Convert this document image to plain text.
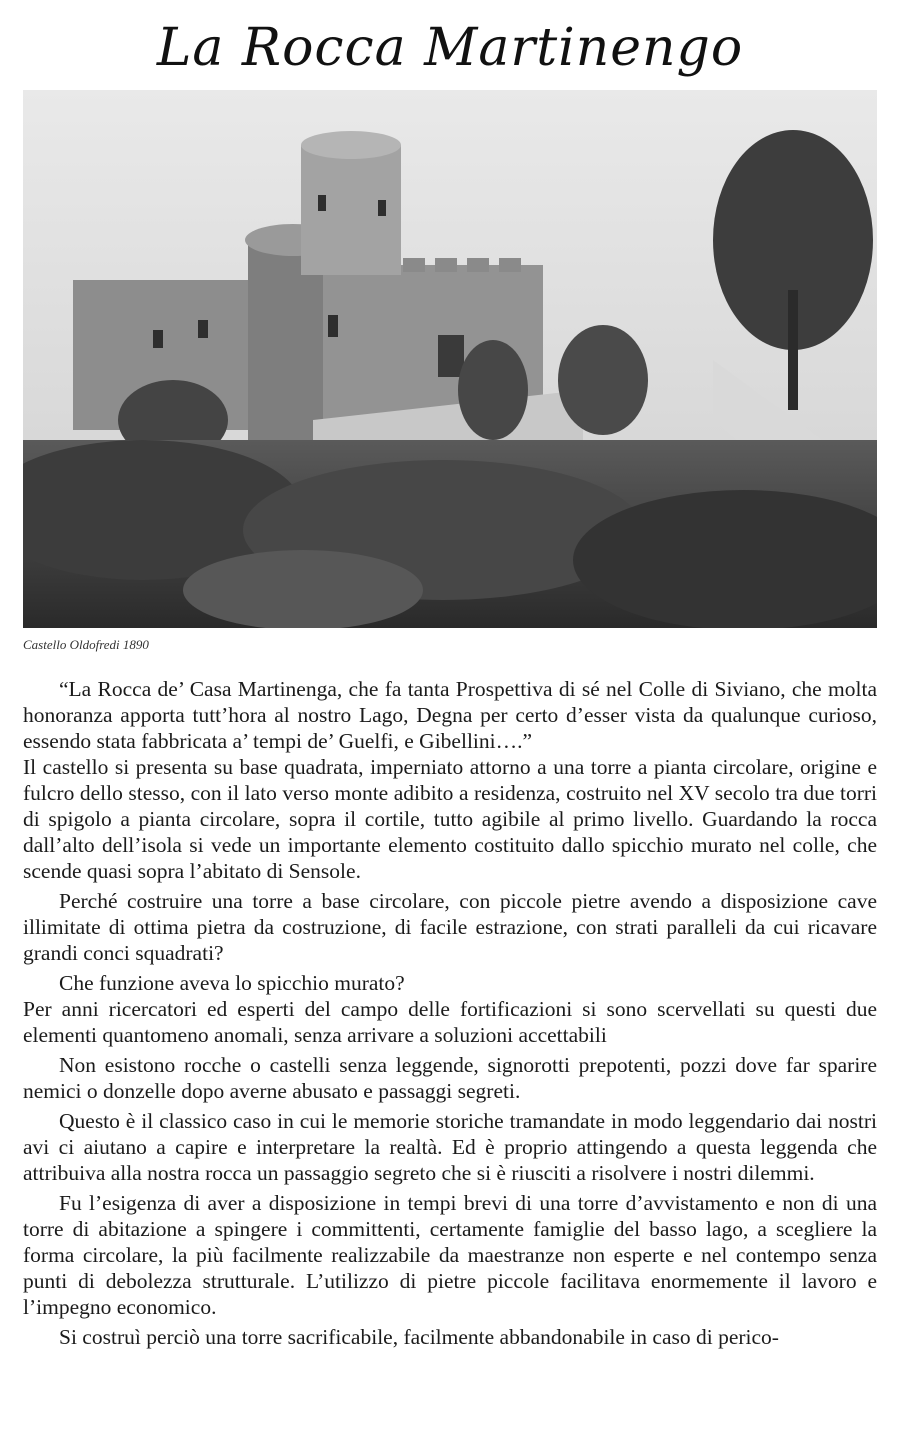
La Rocca Martinengo
Castello Oldofredi 1890

“La Rocca de’ Casa Martinenga, che fa tanta Prospettiva di sé nel Colle di Siviano, che molta honoranza apporta tutt’hora al nostro Lago, Degna per certo d’esser vista da qualunque curioso, essendo stata fabbricata a’ tempi de’ Guelfi, e Gibellini….”

Il castello si presenta su base quadrata, imperniato attorno a una torre a pianta circolare, origine e fulcro dello stesso, con il lato verso monte adibito a residenza, costruito nel XV secolo tra due torri di spigolo a pianta circolare, sopra il cortile, tutto agibile al primo livello. Guardando la rocca dall’alto dell’isola si vede un importante elemento costituito dallo spicchio murato nel colle, che scende quasi sopra l’abitato di Sensole.

Perché costruire una torre a base circolare, con piccole pietre avendo a disposizione cave illimitate di ottima pietra da costruzione, di facile estrazione, con strati paralleli da cui ricavare grandi conci squadrati?

Che funzione aveva lo spicchio murato?

Per anni ricercatori ed esperti del campo delle fortificazioni si sono scervellati su questi due elementi quantomeno anomali, senza arrivare a soluzioni accettabili

Non esistono rocche o castelli senza leggende, signorotti prepotenti, pozzi dove far sparire nemici o donzelle dopo averne abusato e passaggi segreti.

Questo è il classico caso in cui le memorie storiche tramandate in modo leggendario dai nostri avi ci aiutano a capire e interpretare la realtà. Ed è proprio attingendo a questa leggenda che attribuiva alla nostra rocca un passaggio segreto che si è riusciti a risolvere i nostri dilemmi.

Fu l’esigenza di aver a disposizione in tempi brevi di una torre d’avvistamento e non di una torre di abitazione a spingere i committenti, certamente famiglie del basso lago, a scegliere la forma circolare, la più facilmente realizzabile da maestranze non esperte e nel contempo senza punti di debolezza strutturale. L’utilizzo di pietre piccole facilitava enormemente il lavoro e l’impegno economico.

Si costruì perciò una torre sacrificabile, facilmente abbandonabile in caso di perico-
